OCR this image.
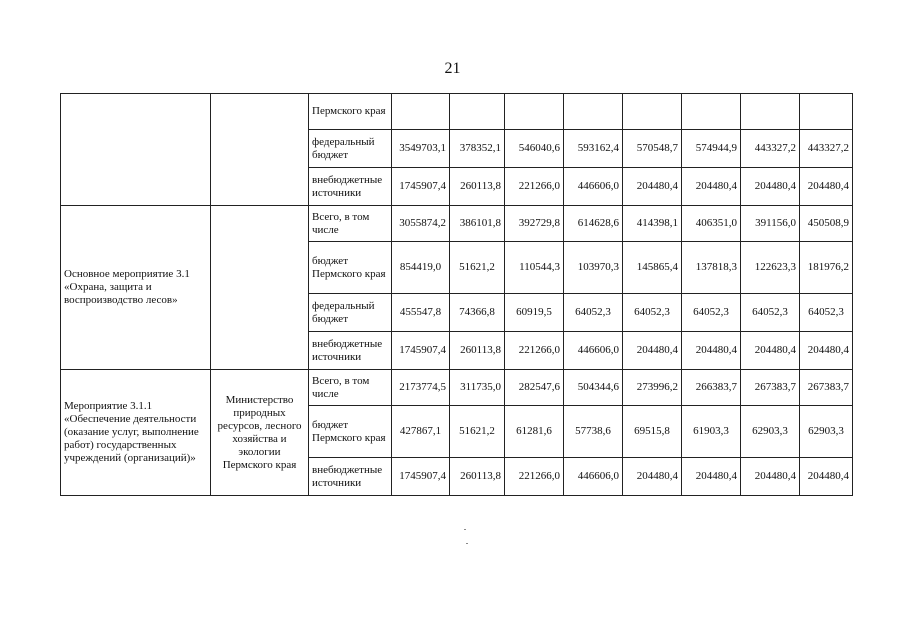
21
		Пермского края								
		федеральный бюджет	3549703,1	378352,1	546040,6	593162,4	570548,7	574944,9	443327,2	443327,2
		внебюджетные источники	1745907,4	260113,8	221266,0	446606,0	204480,4	204480,4	204480,4	204480,4
Основное мероприятие 3.1 «Охрана, защита и воспроизводство лесов»		Всего, в том числе	3055874,2	386101,8	392729,8	614628,6	414398,1	406351,0	391156,0	450508,9
		бюджет Пермского края	854419,0	51621,2	110544,3	103970,3	145865,4	137818,3	122623,3	181976,2
		федеральный бюджет	455547,8	74366,8	60919,5	64052,3	64052,3	64052,3	64052,3	64052,3
		внебюджетные источники	1745907,4	260113,8	221266,0	446606,0	204480,4	204480,4	204480,4	204480,4
Мероприятие 3.1.1 «Обеспечение деятельности (оказание услуг, выполнение работ) государственных учреждений (организаций)»	Министерство природных ресурсов, лесного хозяйства и экологии Пермского края	Всего, в том числе	2173774,5	311735,0	282547,6	504344,6	273996,2	266383,7	267383,7	267383,7
		бюджет Пермского края	427867,1	51621,2	61281,6	57738,6	69515,8	61903,3	62903,3	62903,3
		внебюджетные источники	1745907,4	260113,8	221266,0	446606,0	204480,4	204480,4	204480,4	204480,4
